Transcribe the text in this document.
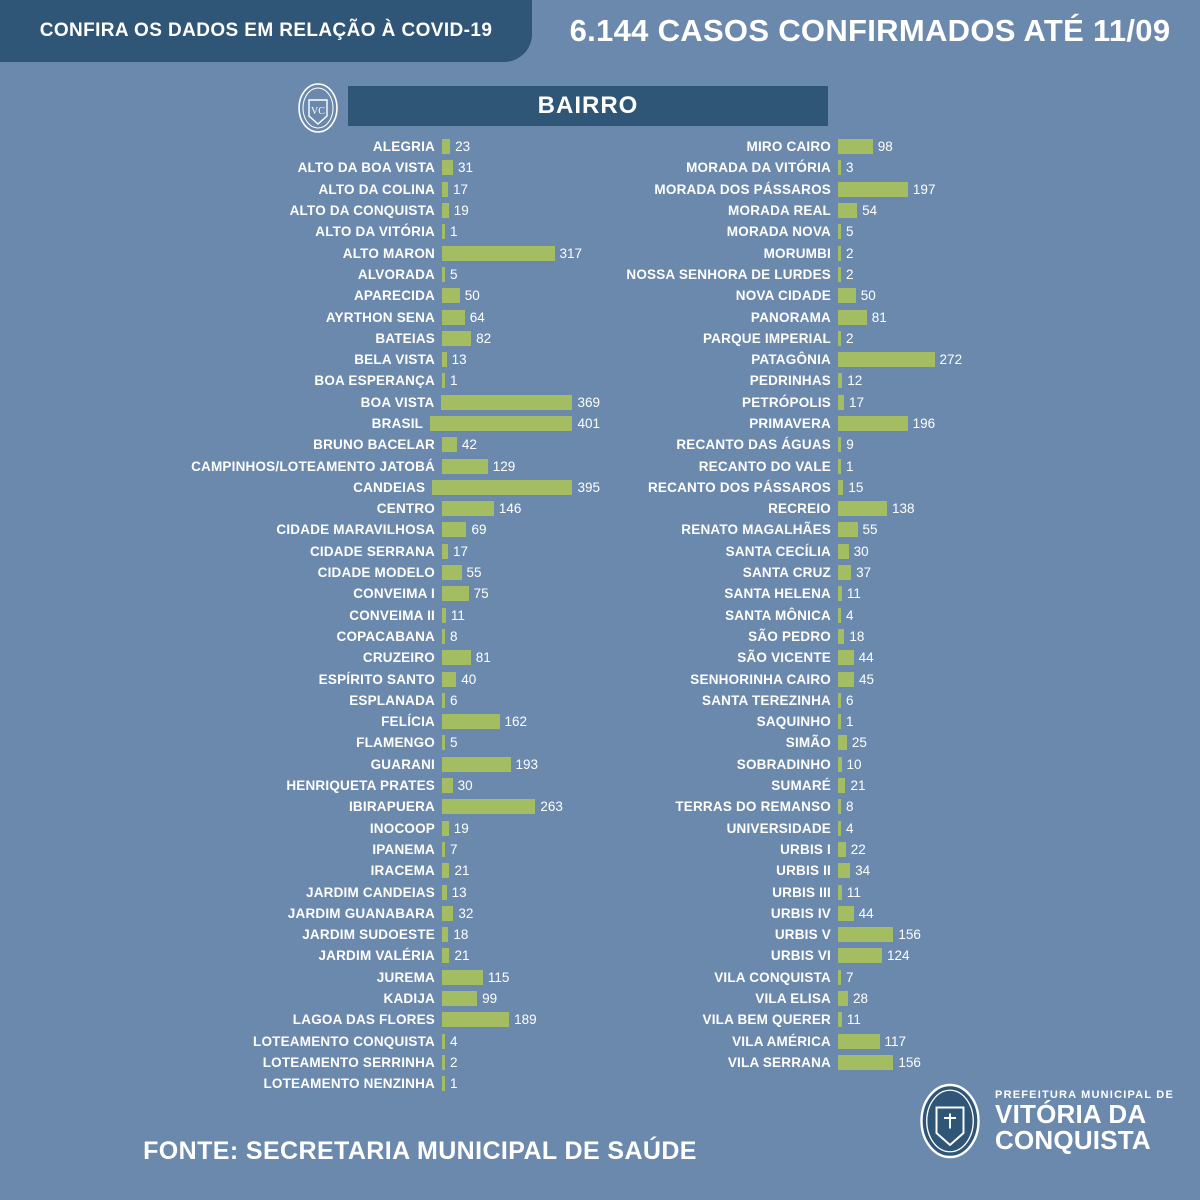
CONFIRA OS DADOS EM RELAÇÃO À COVID-19 6.144 CASOS CONFIRMADOS ATÉ 11/09
VC	BAIRRO
ALEGRIA	23
ALTO DA BOA VISTA	31
ALTO DA COLINA	17
ALTO DA CONQUISTA	19
ALTO DA VITÓRIA	1
ALTO MARON	317
ALVORADA	5
APARECIDA	50
AYRTHON SENA	64
BATEIAS	82
BELA VISTA	13
BOA ESPERANÇA	1
BOA VISTA	369
BRASIL	401
BRUNO BACELAR	42
CAMPINHOS/LOTEAMENTO JATOBÁ	129
CANDEIAS	395
CENTRO	146
CIDADE MARAVILHOSA	69
CIDADE SERRANA	17
CIDADE MODELO	55
CONVEIMA I	75
CONVEIMA II	11
COPACABANA	8
CRUZEIRO	81
ESPÍRITO SANTO	40
ESPLANADA	6
FELÍCIA	162
FLAMENGO	5
GUARANI	193
HENRIQUETA PRATES	30
IBIRAPUERA	263
INOCOOP	19
IPANEMA	7
IRACEMA	21
JARDIM CANDEIAS	13
JARDIM GUANABARA	32
JARDIM SUDOESTE	18
JARDIM VALÉRIA	21
JUREMA	115
KADIJA	99
LAGOA DAS FLORES	189
LOTEAMENTO CONQUISTA	4
LOTEAMENTO SERRINHA	2
LOTEAMENTO NENZINHA	1
MIRO CAIRO	98
MORADA DA VITÓRIA	3
MORADA DOS PÁSSAROS	197
MORADA REAL	54
MORADA NOVA	5
MORUMBI	2
NOSSA SENHORA DE LURDES	2
NOVA CIDADE	50
PANORAMA	81
PARQUE IMPERIAL	2
PATAGÔNIA	272
PEDRINHAS	12
PETRÓPOLIS	17
PRIMAVERA	196
RECANTO DAS ÁGUAS	9
RECANTO DO VALE	1
RECANTO DOS PÁSSAROS	15
RECREIO	138
RENATO MAGALHÃES	55
SANTA CECÍLIA	30
SANTA CRUZ	37
SANTA HELENA	11
SANTA MÔNICA	4
SÃO PEDRO	18
SÃO VICENTE	44
SENHORINHA CAIRO	45
SANTA TEREZINHA	6
SAQUINHO	1
SIMÃO	25
SOBRADINHO	10
SUMARÉ	21
TERRAS DO REMANSO	8
UNIVERSIDADE	4
URBIS I	22
URBIS II	34
URBIS III	11
URBIS IV	44
URBIS V	156
URBIS VI	124
VILA CONQUISTA	7
VILA ELISA	28
VILA BEM QUERER	11
VILA AMÉRICA	117
VILA SERRANA	156
FONTE: SECRETARIA MUNICIPAL DE SAÚDE
PREFEITURA MUNICIPAL DE
VITÓRIA DA
CONQUISTA
